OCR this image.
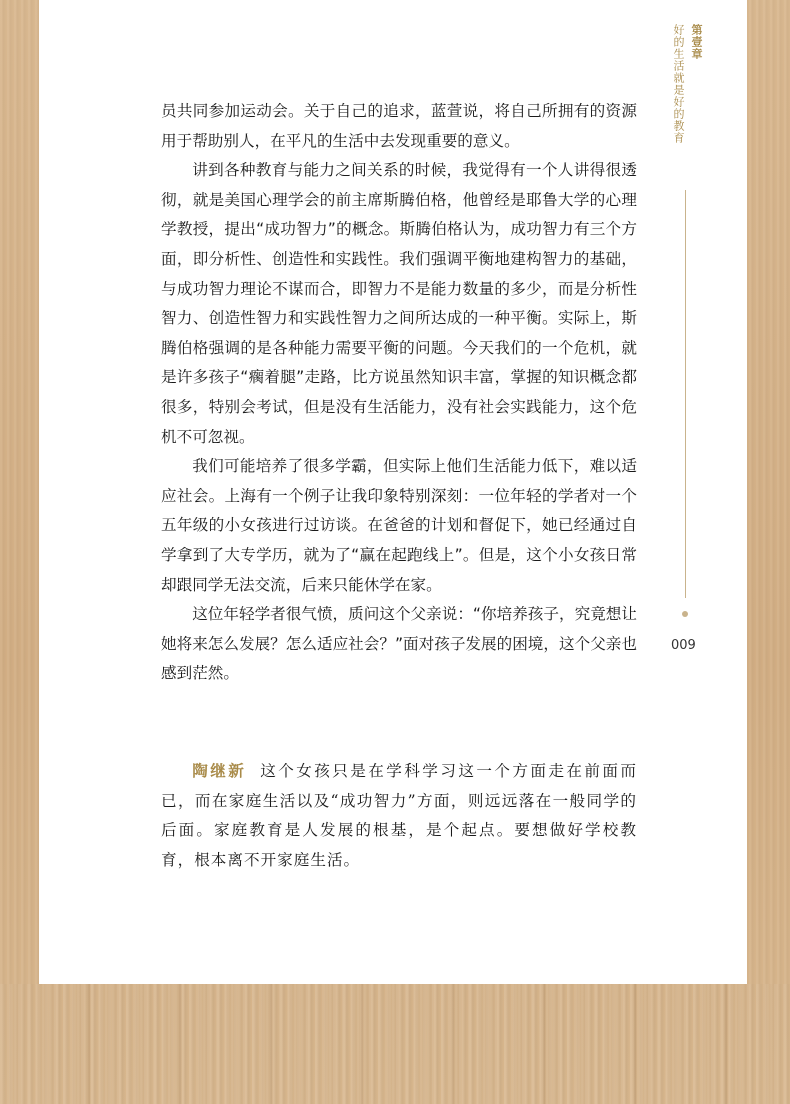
第壹章
好的生活就是好的教育
009

员共同参加运动会。关于自己的追求，蓝萱说，将自己所拥有的资源用于帮助别人，在平凡的生活中去发现重要的意义。

讲到各种教育与能力之间关系的时候，我觉得有一个人讲得很透彻，就是美国心理学会的前主席斯腾伯格，他曾经是耶鲁大学的心理学教授，提出“成功智力”的概念。斯腾伯格认为，成功智力有三个方面，即分析性、创造性和实践性。我们强调平衡地建构智力的基础，与成功智力理论不谋而合，即智力不是能力数量的多少，而是分析性智力、创造性智力和实践性智力之间所达成的一种平衡。实际上，斯腾伯格强调的是各种能力需要平衡的问题。今天我们的一个危机，就是许多孩子“瘸着腿”走路，比方说虽然知识丰富，掌握的知识概念都很多，特别会考试，但是没有生活能力，没有社会实践能力，这个危机不可忽视。

我们可能培养了很多学霸，但实际上他们生活能力低下，难以适应社会。上海有一个例子让我印象特别深刻：一位年轻的学者对一个五年级的小女孩进行过访谈。在爸爸的计划和督促下，她已经通过自学拿到了大专学历，就为了“赢在起跑线上”。但是，这个小女孩日常却跟同学无法交流，后来只能休学在家。

这位年轻学者很气愤，质问这个父亲说：“你培养孩子，究竟想让她将来怎么发展？怎么适应社会？”面对孩子发展的困境，这个父亲也感到茫然。

陶继新 这个女孩只是在学科学习这一个方面走在前面而已，而在家庭生活以及“成功智力”方面，则远远落在一般同学的后面。家庭教育是人发展的根基，是个起点。要想做好学校教育，根本离不开家庭生活。
